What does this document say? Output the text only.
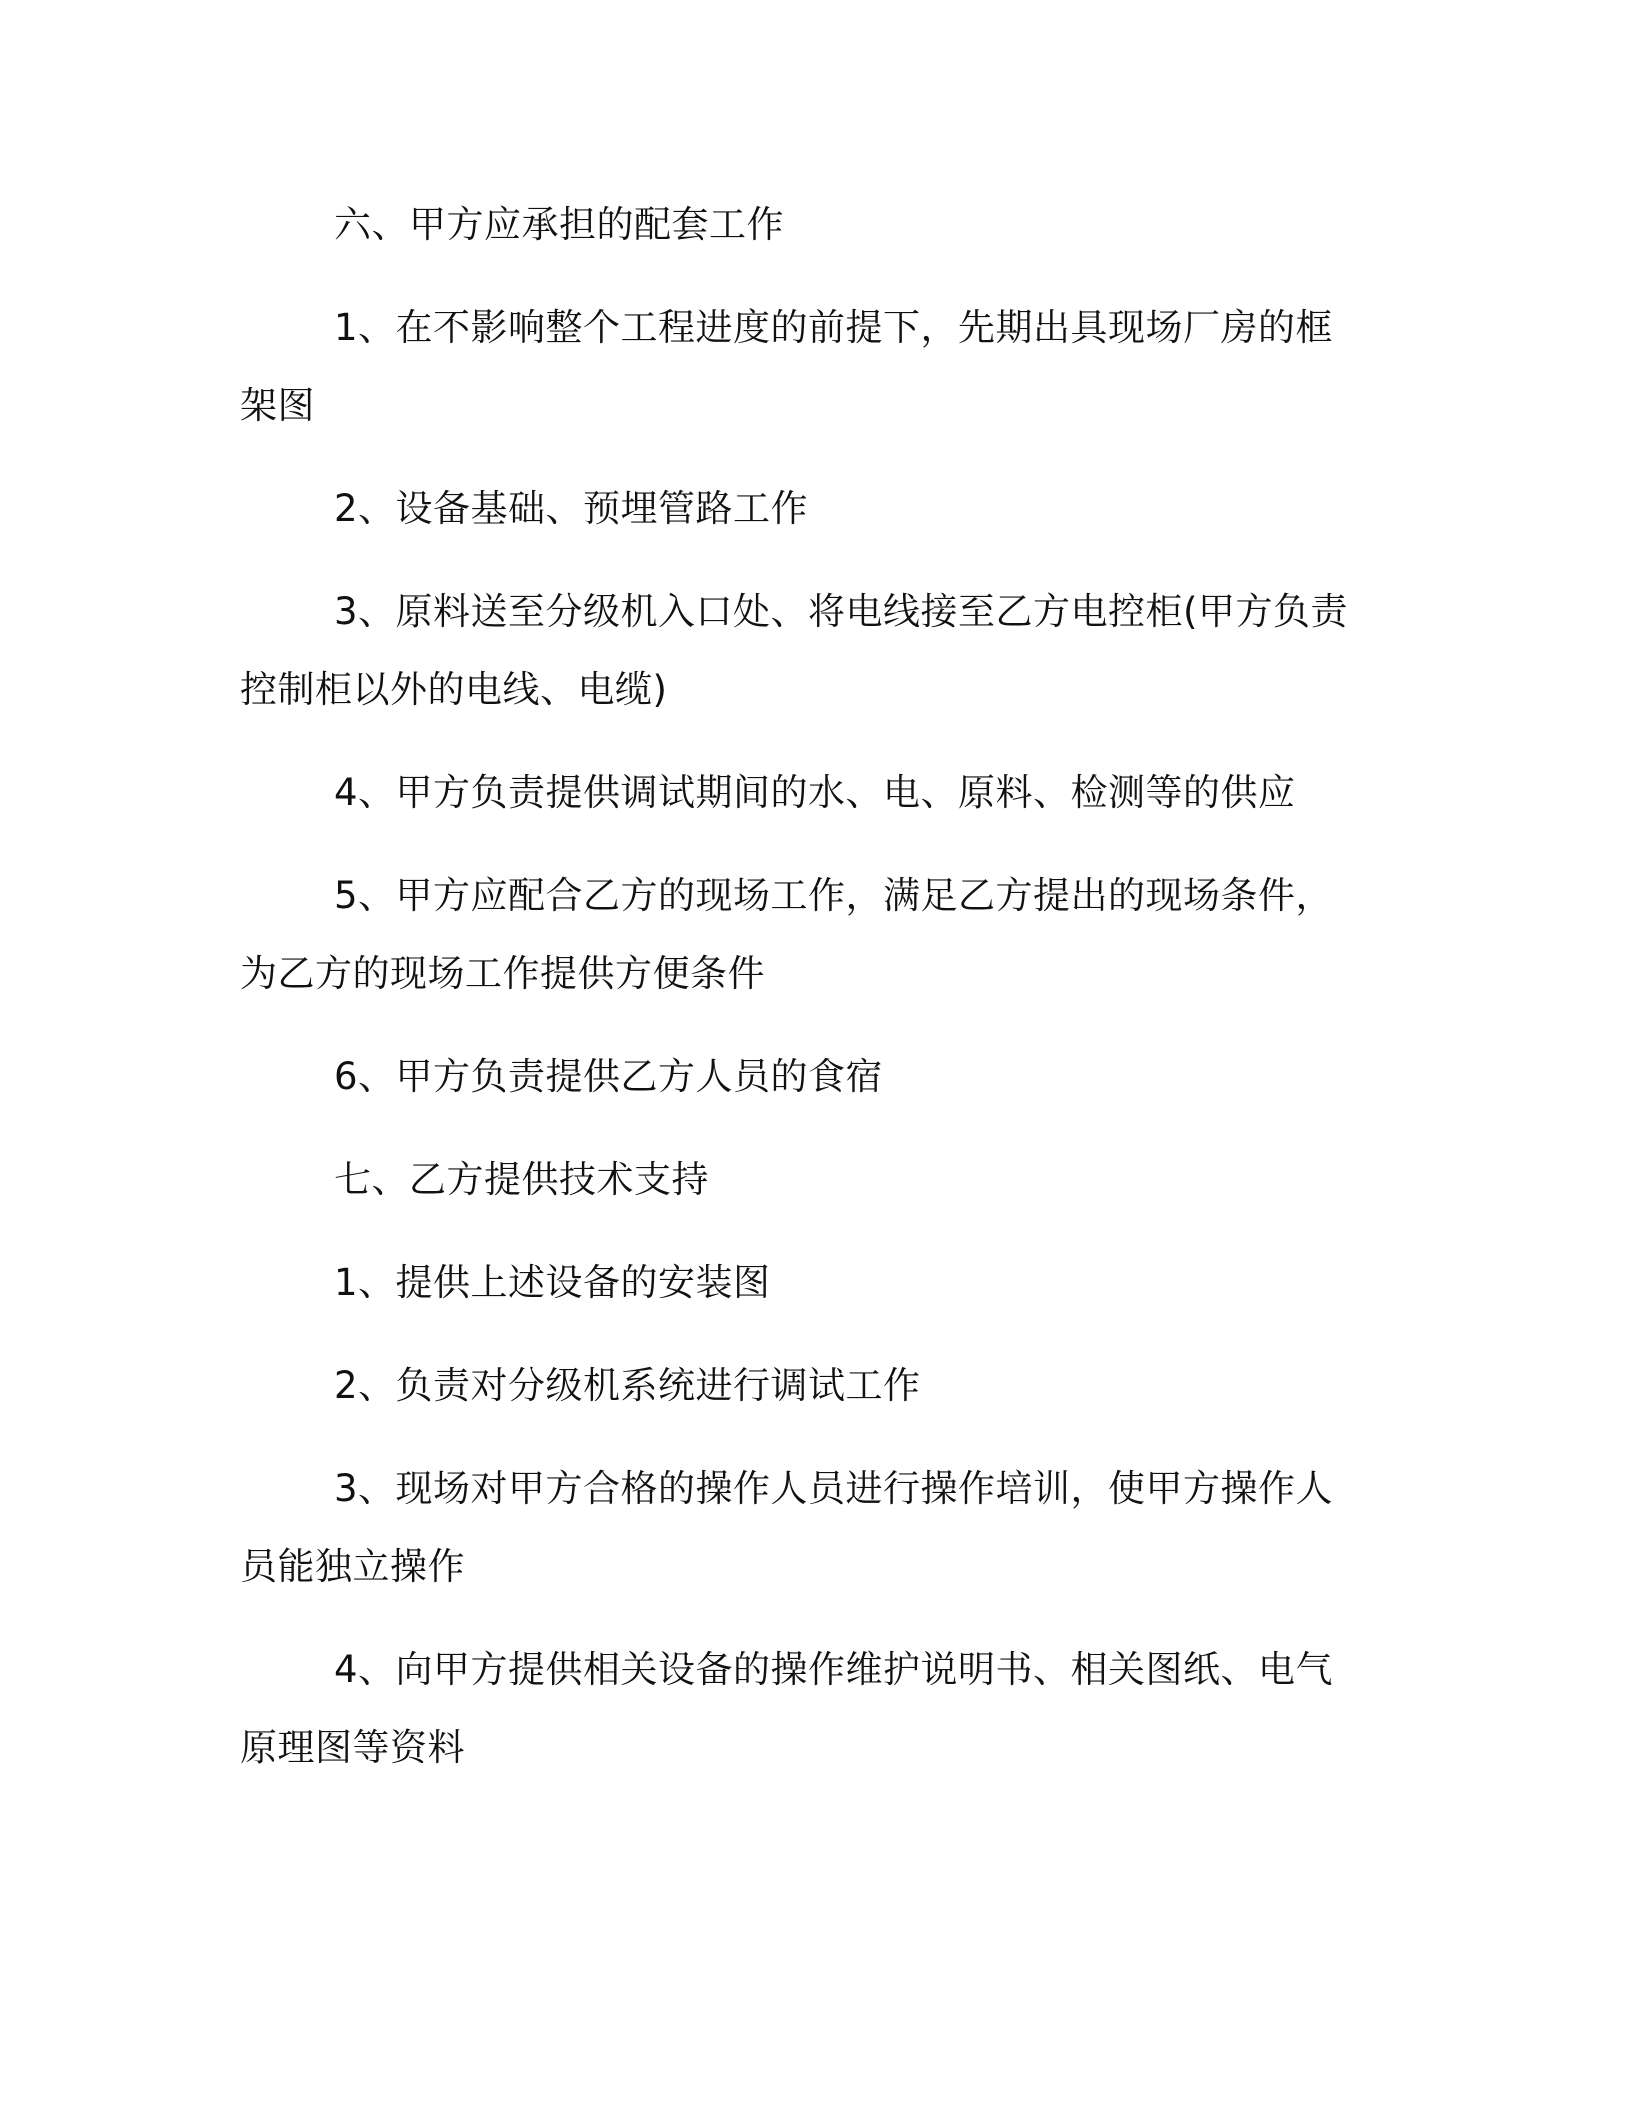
六、甲方应承担的配套工作

1、在不影响整个工程进度的前提下，先期出具现场厂房的框架图

2、设备基础、预埋管路工作

3、原料送至分级机入口处、将电线接至乙方电控柜(甲方负责控制柜以外的电线、电缆)

4、甲方负责提供调试期间的水、电、原料、检测等的供应

5、甲方应配合乙方的现场工作，满足乙方提出的现场条件，为乙方的现场工作提供方便条件

6、甲方负责提供乙方人员的食宿

七、乙方提供技术支持

1、提供上述设备的安装图

2、负责对分级机系统进行调试工作

3、现场对甲方合格的操作人员进行操作培训，使甲方操作人员能独立操作

4、向甲方提供相关设备的操作维护说明书、相关图纸、电气原理图等资料
